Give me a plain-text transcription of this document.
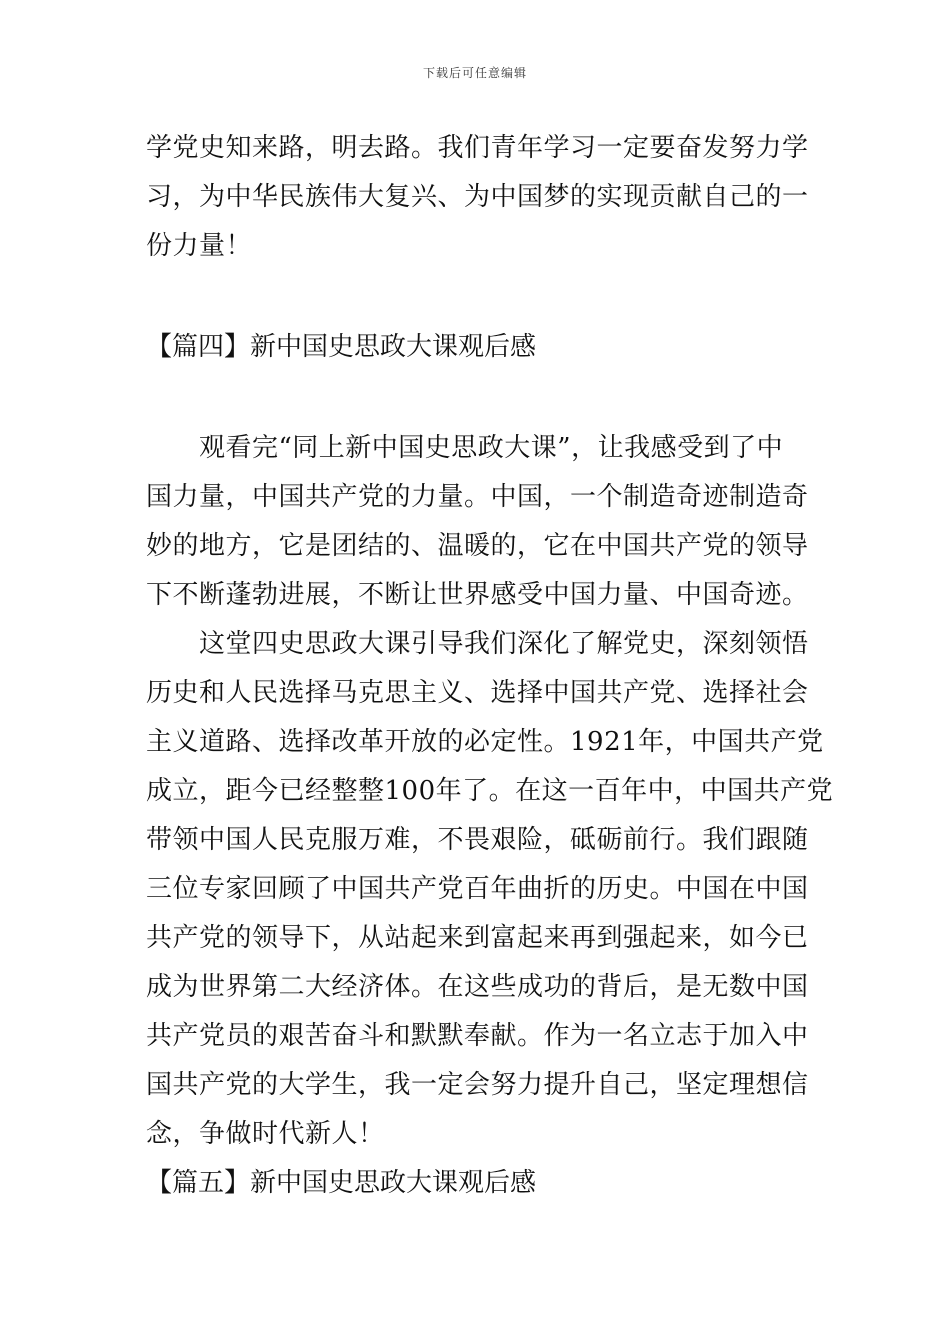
下载后可任意编辑
学党史知来路，明去路。我们青年学习一定要奋发努力学
习，为中华民族伟大复兴、为中国梦的实现贡献自己的一
份力量！
【篇四】新中国史思政大课观后感
　　观看完“同上新中国史思政大课”，让我感受到了中
国力量，中国共产党的力量。中国，一个制造奇迹制造奇
妙的地方，它是团结的、温暖的，它在中国共产党的领导
下不断蓬勃进展，不断让世界感受中国力量、中国奇迹。
　　这堂四史思政大课引导我们深化了解党史，深刻领悟
历史和人民选择马克思主义、选择中国共产党、选择社会
主义道路、选择改革开放的必定性。1921年，中国共产党
成立，距今已经整整100年了。在这一百年中，中国共产党
带领中国人民克服万难，不畏艰险，砥砺前行。我们跟随
三位专家回顾了中国共产党百年曲折的历史。中国在中国
共产党的领导下，从站起来到富起来再到强起来，如今已
成为世界第二大经济体。在这些成功的背后，是无数中国
共产党员的艰苦奋斗和默默奉献。作为一名立志于加入中
国共产党的大学生，我一定会努力提升自己，坚定理想信
念，争做时代新人！
【篇五】新中国史思政大课观后感
